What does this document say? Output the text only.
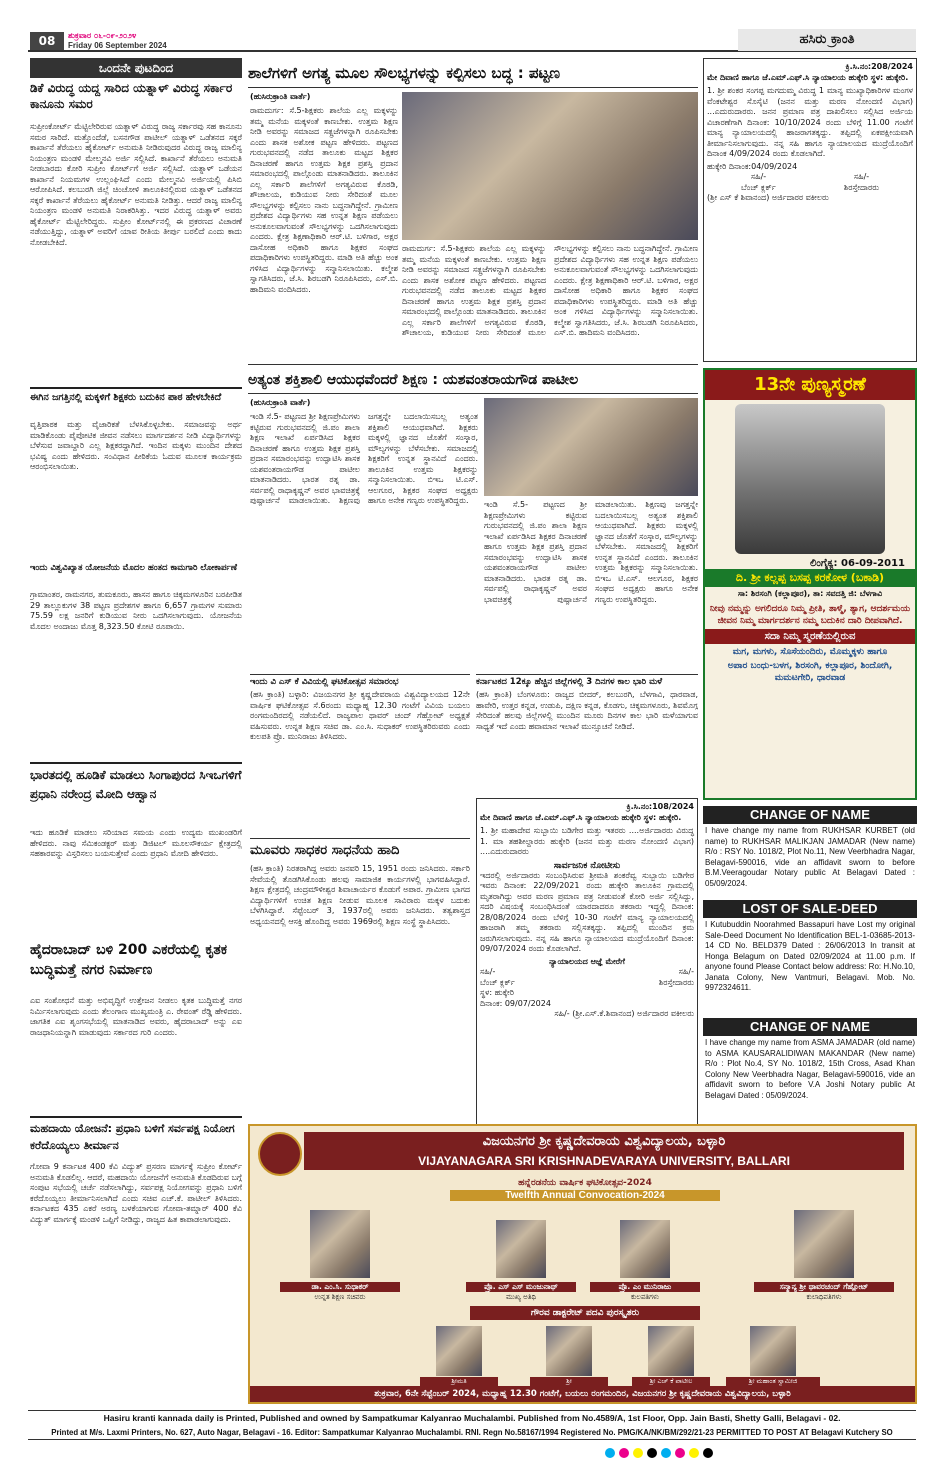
08	ಶುಕ್ರವಾರ ೦೬-೦೯-೨೦೨೪
Friday 06 September 2024	ಹಸಿರು ಕ್ರಾಂತಿ
ಒಂದನೇ ಪುಟದಿಂದ
ಡಿಕೆ ವಿರುದ್ಧ ಯದ್ದ ಸಾರಿದ ಯತ್ನಾಳ್ ವಿರುದ್ಧ ಸರ್ಕಾರ ಕಾನೂನು ಸಮರ
ಸುಪ್ರೀಂಕೋರ್ಟ್ ಮೆಟ್ಟಿಲೇರಿರುವ ಯತ್ನಾಳ್ ವಿರುದ್ಧ ರಾಜ್ಯ ಸರ್ಕಾರವು ಸಹ ಕಾನೂನು ಸಮರ ಸಾರಿದೆ. ಮತ್ತೊಂದೆಡೆ, ಬಸನಗೌಡ ಪಾಟೀಲ್ ಯತ್ನಾಳ್ ಒಡೆತನದ ಸಕ್ಕರೆ ಕಾರ್ಖಾನೆ ತೆರೆಯಲು ಹೈಕೋರ್ಟ್ ಅನುಮತಿ ನೀಡಿರುವುದರ ವಿರುದ್ಧ ರಾಜ್ಯ ಮಾಲಿನ್ಯ ನಿಯಂತ್ರಣ ಮಂಡಳಿ ಮೇಲ್ಮನವಿ ಅರ್ಜಿ ಸಲ್ಲಿಸಿದೆ. ಕಾರ್ಖಾನೆ ತೆರೆಯಲು ಅನುಮತಿ ನೀಡಬಾರದು ಕೋರಿ ಸುಪ್ರೀಂ ಕೋರ್ಟ್‌ಗೆ ಅರ್ಜಿ ಸಲ್ಲಿಸಿದೆ. ಯತ್ನಾಳ್ ಒಡೆಯನ ಕಾರ್ಖಾನೆ ನಿಯಮಗಳ ಉಲ್ಲಂಘಿಸಿದೆ ಎಂದು ಮೇಲ್ಮನವಿ ಅರ್ಜಿಯಲ್ಲಿ ಪಿಸಿಬಿ ಆರೋಪಿಸಿದೆ. ಕಲಬುರಗಿ ಜಿಲ್ಲೆ ಚಿಂಚೋಳಿ ತಾಲೂಕಿನಲ್ಲಿರುವ ಯತ್ನಾಳ್ ಒಡೆತನದ ಸಕ್ಕರೆ ಕಾರ್ಖಾನೆ ತೆರೆಯಲು ಹೈಕೋರ್ಟ್ ಅನುಮತಿ ನೀಡಿತ್ತು. ಆದರೆ ರಾಜ್ಯ ಮಾಲಿನ್ಯ ನಿಯಂತ್ರಣ ಮಂಡಳಿ ಅನುಮತಿ ನಿರಾಕರಿಸಿತ್ತು. ಇದರ ವಿರುದ್ಧ ಯತ್ನಾಳ್ ಅವರು ಹೈಕೋರ್ಟ್ ಮೆಟ್ಟಿಲೇರಿದ್ದರು. ಸುಪ್ರೀಂ ಕೋರ್ಟ್‌ನಲ್ಲಿ ಈ ಪ್ರಕರಣದ ವಿಚಾರಣೆ ನಡೆಯುತ್ತಿದ್ದು, ಯತ್ನಾಳ್ ಅವರಿಗೆ ಯಾವ ರೀತಿಯ ತೀರ್ಪು ಬರಲಿದೆ ಎಂದು ಕಾದು ನೋಡಬೇಕಿದೆ.
ಈಗಿನ ಜಗತ್ತಿನಲ್ಲಿ ಮಕ್ಕಳಿಗೆ ಶಿಕ್ಷಕರು ಬದುಕಿನ ಪಾಠ ಹೇಳಬೇಕಿದೆ
ವೃತ್ತಿಪಾಠಕ ಮತ್ತು ವೈಜಾರಿಕತೆ ಬೆಳಸಿಕೊಳ್ಳಬೇಕು. ಸಮಾಜವನ್ನು ಅರ್ಥ ಮಾಡಿಕೊಂಡು ಪೈಪೋಟಿಕ ಜೀವನ ನಡೆಸಲು ಮಾರ್ಗದರ್ಶನ ನೀಡಿ ವಿದ್ಯಾರ್ಥಿಗಳನ್ನು ಬೆಳೆಸುವ ಜವಾಬ್ದಾರಿ ಎಲ್ಲ ಶಿಕ್ಷಕರದ್ದಾಗಿದೆ. ಇಂದಿನ ಮಕ್ಕಳು ಮುಂದಿನ ದೇಶದ ಭವಿಷ್ಯ ಎಂದು ಹೇಳಿದರು. ಸಂವಿಧಾನ ಪೀಠಿಕೆಯ ಓದುವ ಮೂಲಕ ಕಾರ್ಯಕ್ರಮ ಆರಂಭಿಸಲಾಯಿತು.
ಇಂದು ವಿಶ್ವವಿಖ್ಯಾತ ಯೋಜನೆಯ ಮೊದಲ ಹಂತದ ಕಾಮಗಾರಿ ಲೋಕಾರ್ಪಣೆ
ಗ್ರಾಮಾಂತರ, ರಾಮನಗರ, ತುಮಕೂರು, ಹಾಸನ ಹಾಗೂ ಚಿಕ್ಕಮಗಳೂರಿನ ಬರಪೀಡಿತ 29 ತಾಲ್ಲೂಕುಗಳ 38 ಪಟ್ಟಣ ಪ್ರದೇಶಗಳ ಹಾಗೂ 6,657 ಗ್ರಾಮಗಳ ಸುಮಾರು 75.59 ಲಕ್ಷ ಜನರಿಗೆ ಕುಡಿಯುವ ನೀರು ಒದಗಿಸಲಾಗುವುದು. ಯೋಜನೆಯ ಮೊದಲ ಅಂದಾಜು ಮೊತ್ತ 8,323.50 ಕೋಟಿ ರೂಪಾಯಿ.
ಭಾರತದಲ್ಲಿ ಹೂಡಿಕೆ ಮಾಡಲು ಸಿಂಗಾಪುರದ ಸಿಇಒಗಳಿಗೆ ಪ್ರಧಾನಿ ನರೇಂದ್ರ ಮೋದಿ ಆಹ್ವಾನ
ಇದು ಹೂಡಿಕೆ ಮಾಡಲು ಸರಿಯಾದ ಸಮಯ ಎಂದು ಉದ್ಯಮ ಮುಖಂಡರಿಗೆ ಹೇಳಿದರು. ನಾವು ಸೆಮಿಕಂಡಕ್ಟರ್ ಮತ್ತು ಡಿಜಿಟಲ್ ಮೂಲಸೌಕರ್ಯ ಕ್ಷೇತ್ರದಲ್ಲಿ ಸಹಕಾರವನ್ನು ವಿಸ್ತರಿಸಲು ಬಯಸುತ್ತೇವೆ ಎಂದು ಪ್ರಧಾನಿ ಮೋದಿ ಹೇಳಿದರು.
ಹೈದರಾಬಾದ್ ಬಳಿ 200 ಎಕರೆಯಲ್ಲಿ ಕೃತಕ ಬುದ್ಧಿಮತ್ತೆ ನಗರ ನಿರ್ಮಾಣ
ಎಐ ಸಂಶೋಧನೆ ಮತ್ತು ಅಭಿವೃದ್ಧಿಗೆ ಉತ್ತೇಜನ ನೀಡಲು ಕೃತಕ ಬುದ್ಧಿಮತ್ತೆ ನಗರ ನಿರ್ಮಿಸಲಾಗುವುದು ಎಂದು ತೆಲಂಗಾಣ ಮುಖ್ಯಮಂತ್ರಿ ಎ. ರೇವಂತ್ ರೆಡ್ಡಿ ಹೇಳಿದರು. ಜಾಗತಿಕ ಎಐ ಶೃಂಗಸಭೆಯಲ್ಲಿ ಮಾತನಾಡಿದ ಅವರು, ಹೈದರಾಬಾದ್ ಅನ್ನು ಎಐ ರಾಜಧಾನಿಯನ್ನಾಗಿ ಮಾಡುವುದು ಸರ್ಕಾರದ ಗುರಿ ಎಂದರು.
ಮಹದಾಯಿ ಯೋಜನೆ: ಪ್ರಧಾನಿ ಬಳಿಗೆ ಸರ್ವಪಕ್ಷ ನಿಯೋಗ ಕರೆದೊಯ್ಯಲು ತೀರ್ಮಾನ
ಗೋವಾ 9 ಕರ್ನಾಟಕ 400 ಕೆವಿ ವಿದ್ಯುತ್ ಪ್ರಸರಣ ಮಾರ್ಗಕ್ಕೆ ಸುಪ್ರೀಂ ಕೋರ್ಟ್ ಅನುಮತಿ ಕೊಡಲಿಲ್ಲ. ಆದರೆ, ಮಹದಾಯಿ ಯೋಜನೆಗೆ ಅನುಮತಿ ಕೊಡದಿರುವ ಬಗ್ಗೆ ಸಂಪುಟ ಸಭೆಯಲ್ಲಿ ಚರ್ಚೆ ನಡೆಸಲಾಗಿದ್ದು, ಸರ್ವಪಕ್ಷ ನಿಯೋಗವನ್ನು ಪ್ರಧಾನಿ ಬಳಿಗೆ ಕರೆದೊಯ್ಯಲು ತೀರ್ಮಾನಿಸಲಾಗಿದೆ ಎಂದು ಸಚಿವ ಎಚ್.ಕೆ. ಪಾಟೀಲ್ ತಿಳಿಸಿದರು. ಕರ್ನಾಟಕದ 435 ಎಕರೆ ಅರಣ್ಯ ಬಳಕೆಯಾಗುವ ಗೋವಾ-ತಮ್ನಾರ್ 400 ಕೆವಿ ವಿದ್ಯುತ್ ಮಾರ್ಗಕ್ಕೆ ಮಂಡಳಿ ಒಪ್ಪಿಗೆ ನೀಡಿದ್ದು, ರಾಜ್ಯದ ಹಿತ ಕಾಪಾಡಲಾಗುವುದು.
ಶಾಲೆಗಳಿಗೆ ಅಗತ್ಯ ಮೂಲ ಸೌಲಭ್ಯಗಳನ್ನು ಕಲ್ಪಿಸಲು ಬದ್ಧ : ಪಟ್ಟಣ
(ಹುಸಿರುಕ್ರಾಂತಿ ವಾರ್ತೆ)
ರಾಮದುರ್ಗ: ಸೆ.5-ಶಿಕ್ಷಕರು ಶಾಲೆಯ ಎಲ್ಲ ಮಕ್ಕಳನ್ನು ತಮ್ಮ ಮನೆಯ ಮಕ್ಕಳಂತೆ ಕಾಣಬೇಕು. ಉತ್ತಮ ಶಿಕ್ಷಣ ನೀಡಿ ಅವರನ್ನು ಸಮಾಜದ ಸತ್ಪ್ರಜೆಗಳನ್ನಾಗಿ ರೂಪಿಸಬೇಕು ಎಂದು ಶಾಸಕ ಅಶೋಕ ಪಟ್ಟಣ ಹೇಳಿದರು. ಪಟ್ಟಣದ ಗುರುಭವನದಲ್ಲಿ ನಡೆದ ತಾಲೂಕು ಮಟ್ಟದ ಶಿಕ್ಷಕರ ದಿನಾಚರಣೆ ಹಾಗೂ ಉತ್ತಮ ಶಿಕ್ಷಕ ಪ್ರಶಸ್ತಿ ಪ್ರದಾನ ಸಮಾರಂಭದಲ್ಲಿ ಪಾಲ್ಗೊಂಡು ಮಾತನಾಡಿದರು. ತಾಲೂಕಿನ ಎಲ್ಲ ಸರ್ಕಾರಿ ಶಾಲೆಗಳಿಗೆ ಅಗತ್ಯವಿರುವ ಕೊಠಡಿ, ಶೌಚಾಲಯ, ಕುಡಿಯುವ ನೀರು ಸೇರಿದಂತೆ ಮೂಲ ಸೌಲಭ್ಯಗಳನ್ನು ಕಲ್ಪಿಸಲು ನಾನು ಬದ್ಧನಾಗಿದ್ದೇನೆ. ಗ್ರಾಮೀಣ ಪ್ರದೇಶದ ವಿದ್ಯಾರ್ಥಿಗಳು ಸಹ ಉನ್ನತ ಶಿಕ್ಷಣ ಪಡೆಯಲು ಅನುಕೂಲವಾಗುವಂತೆ ಸೌಲಭ್ಯಗಳನ್ನು ಒದಗಿಸಲಾಗುವುದು ಎಂದರು. ಕ್ಷೇತ್ರ ಶಿಕ್ಷಣಾಧಿಕಾರಿ ಆರ್.ಟಿ. ಬಳಿಗಾರ, ಅಕ್ಷರ ದಾಸೋಹ ಅಧಿಕಾರಿ ಹಾಗೂ ಶಿಕ್ಷಕರ ಸಂಘದ ಪದಾಧಿಕಾರಿಗಳು ಉಪಸ್ಥಿತರಿದ್ದರು. ಮಾಡಿ ಅತಿ ಹೆಚ್ಚು ಅಂಕ ಗಳಿಸಿದ ವಿದ್ಯಾರ್ಥಿಗಳನ್ನು ಸನ್ಮಾನಿಸಲಾಯಿತು. ಕಲ್ಮೇಶ ಸ್ವಾಗತಿಸಿದರು, ಜೆ.ಸಿ. ಶಿರಬಡಗಿ ನಿರೂಪಿಸಿದರು, ಎಸ್.ಬಿ. ಹಾದಿಮನಿ ವಂದಿಸಿದರು.
ರಾಮದುರ್ಗ: ಸೆ.5-ಶಿಕ್ಷಕರು ಶಾಲೆಯ ಎಲ್ಲ ಮಕ್ಕಳನ್ನು ತಮ್ಮ ಮನೆಯ ಮಕ್ಕಳಂತೆ ಕಾಣಬೇಕು. ಉತ್ತಮ ಶಿಕ್ಷಣ ನೀಡಿ ಅವರನ್ನು ಸಮಾಜದ ಸತ್ಪ್ರಜೆಗಳನ್ನಾಗಿ ರೂಪಿಸಬೇಕು ಎಂದು ಶಾಸಕ ಅಶೋಕ ಪಟ್ಟಣ ಹೇಳಿದರು. ಪಟ್ಟಣದ ಗುರುಭವನದಲ್ಲಿ ನಡೆದ ತಾಲೂಕು ಮಟ್ಟದ ಶಿಕ್ಷಕರ ದಿನಾಚರಣೆ ಹಾಗೂ ಉತ್ತಮ ಶಿಕ್ಷಕ ಪ್ರಶಸ್ತಿ ಪ್ರದಾನ ಸಮಾರಂಭದಲ್ಲಿ ಪಾಲ್ಗೊಂಡು ಮಾತನಾಡಿದರು. ತಾಲೂಕಿನ ಎಲ್ಲ ಸರ್ಕಾರಿ ಶಾಲೆಗಳಿಗೆ ಅಗತ್ಯವಿರುವ ಕೊಠಡಿ, ಶೌಚಾಲಯ, ಕುಡಿಯುವ ನೀರು ಸೇರಿದಂತೆ ಮೂಲ ಸೌಲಭ್ಯಗಳನ್ನು ಕಲ್ಪಿಸಲು ನಾನು ಬದ್ಧನಾಗಿದ್ದೇನೆ. ಗ್ರಾಮೀಣ ಪ್ರದೇಶದ ವಿದ್ಯಾರ್ಥಿಗಳು ಸಹ ಉನ್ನತ ಶಿಕ್ಷಣ ಪಡೆಯಲು ಅನುಕೂಲವಾಗುವಂತೆ ಸೌಲಭ್ಯಗಳನ್ನು ಒದಗಿಸಲಾಗುವುದು ಎಂದರು. ಕ್ಷೇತ್ರ ಶಿಕ್ಷಣಾಧಿಕಾರಿ ಆರ್.ಟಿ. ಬಳಿಗಾರ, ಅಕ್ಷರ ದಾಸೋಹ ಅಧಿಕಾರಿ ಹಾಗೂ ಶಿಕ್ಷಕರ ಸಂಘದ ಪದಾಧಿಕಾರಿಗಳು ಉಪಸ್ಥಿತರಿದ್ದರು. ಮಾಡಿ ಅತಿ ಹೆಚ್ಚು ಅಂಕ ಗಳಿಸಿದ ವಿದ್ಯಾರ್ಥಿಗಳನ್ನು ಸನ್ಮಾನಿಸಲಾಯಿತು. ಕಲ್ಮೇಶ ಸ್ವಾಗತಿಸಿದರು, ಜೆ.ಸಿ. ಶಿರಬಡಗಿ ನಿರೂಪಿಸಿದರು, ಎಸ್.ಬಿ. ಹಾದಿಮನಿ ವಂದಿಸಿದರು.
ಅತ್ಯಂತ ಶಕ್ತಿಶಾಲಿ ಆಯುಧವೆಂದರೆ ಶಿಕ್ಷಣ : ಯಶವಂತರಾಯಗೌಡ ಪಾಟೀಲ
(ಹುಸಿರುಕ್ರಾಂತಿ ವಾರ್ತೆ)
ಇಂಡಿ ಸೆ.5- ಪಟ್ಟಣದ ಶ್ರೀ ಶಿಕ್ಷಣಪ್ರೇಮಿಗಳು ಕಟ್ಟಿರುವ ಗುರುಭವನದಲ್ಲಿ ಜಿ.ಪಂ ಶಾಲಾ ಶಿಕ್ಷಣ ಇಲಾಖೆ ಏರ್ಪಡಿಸಿದ ಶಿಕ್ಷಕರ ದಿನಾಚರಣೆ ಹಾಗೂ ಉತ್ತಮ ಶಿಕ್ಷಕ ಪ್ರಶಸ್ತಿ ಪ್ರದಾನ ಸಮಾರಂಭವನ್ನು ಉದ್ಘಾಟಿಸಿ ಶಾಸಕ ಯಶವಂತರಾಯಗೌಡ ಪಾಟೀಲ ಮಾತನಾಡಿದರು. ಭಾರತ ರತ್ನ ಡಾ. ಸರ್ವಪಲ್ಲಿ ರಾಧಾಕೃಷ್ಣನ್ ಅವರ ಭಾವಚಿತ್ರಕ್ಕೆ ಪುಷ್ಪಾರ್ಚನೆ ಮಾಡಲಾಯಿತು. ಶಿಕ್ಷಣವು ಜಗತ್ತನ್ನೇ ಬದಲಾಯಿಸಬಲ್ಲ ಅತ್ಯಂತ ಶಕ್ತಿಶಾಲಿ ಆಯುಧವಾಗಿದೆ. ಶಿಕ್ಷಕರು ಮಕ್ಕಳಲ್ಲಿ ಜ್ಞಾನದ ಜೊತೆಗೆ ಸಂಸ್ಕಾರ, ಮೌಲ್ಯಗಳನ್ನು ಬೆಳೆಸಬೇಕು. ಸಮಾಜದಲ್ಲಿ ಶಿಕ್ಷಕರಿಗೆ ಉನ್ನತ ಸ್ಥಾನವಿದೆ ಎಂದರು. ತಾಲೂಕಿನ ಉತ್ತಮ ಶಿಕ್ಷಕರನ್ನು ಸನ್ಮಾನಿಸಲಾಯಿತು. ಬಿಇಒ ಟಿ.ಎಸ್. ಆಲಗೂರ, ಶಿಕ್ಷಕರ ಸಂಘದ ಅಧ್ಯಕ್ಷರು ಹಾಗೂ ಅನೇಕ ಗಣ್ಯರು ಉಪಸ್ಥಿತರಿದ್ದರು.	ಇಂಡಿ ಸೆ.5- ಪಟ್ಟಣದ ಶ್ರೀ ಶಿಕ್ಷಣಪ್ರೇಮಿಗಳು ಕಟ್ಟಿರುವ ಗುರುಭವನದಲ್ಲಿ ಜಿ.ಪಂ ಶಾಲಾ ಶಿಕ್ಷಣ ಇಲಾಖೆ ಏರ್ಪಡಿಸಿದ ಶಿಕ್ಷಕರ ದಿನಾಚರಣೆ ಹಾಗೂ ಉತ್ತಮ ಶಿಕ್ಷಕ ಪ್ರಶಸ್ತಿ ಪ್ರದಾನ ಸಮಾರಂಭವನ್ನು ಉದ್ಘಾಟಿಸಿ ಶಾಸಕ ಯಶವಂತರಾಯಗೌಡ ಪಾಟೀಲ ಮಾತನಾಡಿದರು. ಭಾರತ ರತ್ನ ಡಾ. ಸರ್ವಪಲ್ಲಿ ರಾಧಾಕೃಷ್ಣನ್ ಅವರ ಭಾವಚಿತ್ರಕ್ಕೆ ಪುಷ್ಪಾರ್ಚನೆ ಮಾಡಲಾಯಿತು. ಶಿಕ್ಷಣವು ಜಗತ್ತನ್ನೇ ಬದಲಾಯಿಸಬಲ್ಲ ಅತ್ಯಂತ ಶಕ್ತಿಶಾಲಿ ಆಯುಧವಾಗಿದೆ. ಶಿಕ್ಷಕರು ಮಕ್ಕಳಲ್ಲಿ ಜ್ಞಾನದ ಜೊತೆಗೆ ಸಂಸ್ಕಾರ, ಮೌಲ್ಯಗಳನ್ನು ಬೆಳೆಸಬೇಕು. ಸಮಾಜದಲ್ಲಿ ಶಿಕ್ಷಕರಿಗೆ ಉನ್ನತ ಸ್ಥಾನವಿದೆ ಎಂದರು. ತಾಲೂಕಿನ ಉತ್ತಮ ಶಿಕ್ಷಕರನ್ನು ಸನ್ಮಾನಿಸಲಾಯಿತು. ಬಿಇಒ ಟಿ.ಎಸ್. ಆಲಗೂರ, ಶಿಕ್ಷಕರ ಸಂಘದ ಅಧ್ಯಕ್ಷರು ಹಾಗೂ ಅನೇಕ ಗಣ್ಯರು ಉಪಸ್ಥಿತರಿದ್ದರು.
ಇಂದು ವಿ ಎಸ್ ಕೆ ವಿವಿಯಲ್ಲಿ ಘಟಿಕೋತ್ಸವ ಸಮಾರಂಭ
(ಹಸಿ ಕ್ರಾಂತಿ) ಬಳ್ಳಾರಿ: ವಿಜಯನಗರ ಶ್ರೀ ಕೃಷ್ಣದೇವರಾಯ ವಿಶ್ವವಿದ್ಯಾಲಯದ 12ನೇ ವಾರ್ಷಿಕ ಘಟಿಕೋತ್ಸವ ಸೆ.6ರಂದು ಮಧ್ಯಾಹ್ನ 12.30 ಗಂಟೆಗೆ ವಿವಿಯ ಬಯಲು ರಂಗಮಂದಿರದಲ್ಲಿ ನಡೆಯಲಿದೆ. ರಾಜ್ಯಪಾಲ ಥಾವರ್ ಚಂದ್ ಗೆಹ್ಲೋಟ್ ಅಧ್ಯಕ್ಷತೆ ವಹಿಸುವರು. ಉನ್ನತ ಶಿಕ್ಷಣ ಸಚಿವ ಡಾ. ಎಂ.ಸಿ. ಸುಧಾಕರ್ ಉಪಸ್ಥಿತರಿರುವರು ಎಂದು ಕುಲಪತಿ ಪ್ರೊ. ಮುನಿರಾಜು ತಿಳಿಸಿದರು.
ಕರ್ನಾಟಕದ 12ಕ್ಕೂ ಹೆಚ್ಚಿನ ಜಿಲ್ಲೆಗಳಲ್ಲಿ 3 ದಿನಗಳ ಕಾಲ ಭಾರಿ ಮಳೆ
(ಹಸಿ ಕ್ರಾಂತಿ) ಬೆಂಗಳೂರು: ರಾಜ್ಯದ ಬೀದರ್, ಕಲಬುರಗಿ, ಬೆಳಗಾವಿ, ಧಾರವಾಡ, ಹಾವೇರಿ, ಉತ್ತರ ಕನ್ನಡ, ಉಡುಪಿ, ದಕ್ಷಿಣ ಕನ್ನಡ, ಕೊಡಗು, ಚಿಕ್ಕಮಗಳೂರು, ಶಿವಮೊಗ್ಗ ಸೇರಿದಂತೆ ಹಲವು ಜಿಲ್ಲೆಗಳಲ್ಲಿ ಮುಂದಿನ ಮೂರು ದಿನಗಳ ಕಾಲ ಭಾರಿ ಮಳೆಯಾಗುವ ಸಾಧ್ಯತೆ ಇದೆ ಎಂದು ಹವಾಮಾನ ಇಲಾಖೆ ಮುನ್ಸೂಚನೆ ನೀಡಿದೆ.
ಮೂವರು ಸಾಧಕರ ಸಾಧನೆಯ ಹಾದಿ
(ಹಸಿ ಕ್ರಾಂತಿ) ನಿರತರಾಗಿದ್ದ ಅವರು ಜನವರಿ 15, 1951 ರಂದು ಜನಿಸಿದರು. ಸರ್ಕಾರಿ ಸೇವೆಯಲ್ಲಿ ತೊಡಗಿಸಿಕೊಂಡು ಹಲವು ಸಾಮಾಜಿಕ ಕಾರ್ಯಗಳಲ್ಲಿ ಭಾಗವಹಿಸಿದ್ದಾರೆ. ಶಿಕ್ಷಣ ಕ್ಷೇತ್ರದಲ್ಲಿ ಚಂದ್ರಮೌಳೀಶ್ವರ ಶಿವಾಚಾರ್ಯರ ಕೊಡುಗೆ ಅಪಾರ. ಗ್ರಾಮೀಣ ಭಾಗದ ವಿದ್ಯಾರ್ಥಿಗಳಿಗೆ ಉಚಿತ ಶಿಕ್ಷಣ ನೀಡುವ ಮೂಲಕ ಸಾವಿರಾರು ಮಕ್ಕಳ ಬದುಕು ಬೆಳಗಿಸಿದ್ದಾರೆ. ಸೆಪ್ಟೆಂಬರ್ 3, 1937ರಲ್ಲಿ ಅವರು ಜನಿಸಿದರು. ತತ್ವಶಾಸ್ತ್ರದ ಅಧ್ಯಯನದಲ್ಲಿ ಆಸಕ್ತಿ ಹೊಂದಿದ್ದ ಅವರು 1969ರಲ್ಲಿ ಶಿಕ್ಷಣ ಸಂಸ್ಥೆ ಸ್ಥಾಪಿಸಿದರು.
ಕ್ರಿ.ಸಿ.ನಂ:108/2024
ಮೇ ದಿವಾಣಿ ಹಾಗೂ ಜೆ.ಎಮ್.ಎಫ್.ಸಿ ನ್ಯಾಯಾಲಯ ಹುಕ್ಕೇರಿ ಸ್ಥಳ: ಹುಕ್ಕೇರಿ.
1. ಶ್ರೀ ಮಹಾದೇವ ಸುಬ್ಬಾಯಿ ಬಡಿಗೇರ ಮತ್ತು ಇತರರು ....ಅರ್ಜಿದಾರರು ವಿರುದ್ಧ 1. ಮಾ ತಹಶೀಲ್ದಾರರು ಹುಕ್ಕೇರಿ (ಜನನ ಮತ್ತು ಮರಣ ನೋಂದಣಿ ವಿಭಾಗ) ....ಎದುರುದಾರರು
ಸಾರ್ವಜನಿಕ ನೋಟೀಸು
ಇದರಲ್ಲಿ ಅರ್ಜಿದಾರರು ಸಂಬಂಧಿಸಿರುವ ಶ್ರೀಮತಿ ಶಂಕರೆವ್ವ ಸುಬ್ಬಾಯಿ ಬಡಿಗೇರ ಇವರು ದಿನಾಂಕ: 22/09/2021 ರಂದು ಹುಕ್ಕೇರಿ ತಾಲೂಕಿನ ಗ್ರಾಮದಲ್ಲಿ ಮೃತರಾಗಿದ್ದು ಅವರ ಮರಣ ಪ್ರಮಾಣ ಪತ್ರ ನೀಡುವಂತೆ ಕೋರಿ ಅರ್ಜಿ ಸಲ್ಲಿಸಿದ್ದು, ಸದರಿ ವಿಷಯಕ್ಕೆ ಸಂಬಂಧಿಸಿದಂತೆ ಯಾರದಾದರೂ ತಕರಾರು ಇದ್ದಲ್ಲಿ ದಿನಾಂಕ: 28/08/2024 ರಂದು ಬೆಳಿಗ್ಗೆ 10-30 ಗಂಟೆಗೆ ಮಾನ್ಯ ನ್ಯಾಯಾಲಯದಲ್ಲಿ ಹಾಜರಾಗಿ ತಮ್ಮ ತಕರಾರು ಸಲ್ಲಿಸತಕ್ಕದ್ದು. ತಪ್ಪಿದಲ್ಲಿ ಮುಂದಿನ ಕ್ರಮ ಜರುಗಿಸಲಾಗುವುದು. ನನ್ನ ಸಹಿ ಹಾಗೂ ನ್ಯಾಯಾಲಯದ ಮುದ್ರೆಯೊಂದಿಗೆ ದಿನಾಂಕ: 09/07/2024 ರಂದು ಕೊಡಲಾಗಿದೆ.
ನ್ಯಾಯಾಲಯದ ಆಜ್ಞೆ ಮೇರೆಗೆ
ಸಹಿ/-	ಸಹಿ/-
ಬೆಂಚ್ ಕ್ಲರ್ಕ್	ಶಿರಸ್ತೇದಾರರು
ಸ್ಥಳ: ಹುಕ್ಕೇರಿ
ದಿನಾಂಕ: 09/07/2024
ಸಹಿ/- (ಶ್ರೀ.ಎಸ್.ಕೆ.ಶಿವಾನಂದ) ಅರ್ಜಿದಾರರ ವಕೀಲರು
ಕ್ರಿ.ಸಿ.ನಂ:208/2024
ಮೇ ದಿವಾಣಿ ಹಾಗೂ ಜೆ.ಎಮ್.ಎಫ್.ಸಿ ನ್ಯಾಯಾಲಯ ಹುಕ್ಕೇರಿ ಸ್ಥಳ: ಹುಕ್ಕೇರಿ.
1. ಶ್ರೀ ಶಂಕರ ಸಂಗಪ್ಪ ಮಗದುಮ್ಮ ವಿರುದ್ಧ 1 ಮಾನ್ಯ ಮುಖ್ಯಾಧಿಕಾರಿಗಳ ಮಂಗಳ ವೆಂಕಟೇಶ್ವರ ಸೊಸೈಟಿ (ಜನನ ಮತ್ತು ಮರಣ ನೋಂದಣಿ ವಿಭಾಗ) ...ಎದುರುದಾರರು. ಜನನ ಪ್ರಮಾಣ ಪತ್ರ ದಾಖಲಿಸಲು ಸಲ್ಲಿಸಿದ ಅರ್ಜಿಯ ವಿಚಾರಣೆಗಾಗಿ ದಿನಾಂಕ: 10/10/2024 ರಂದು ಬೆಳಿಗ್ಗೆ 11.00 ಗಂಟೆಗೆ ಮಾನ್ಯ ನ್ಯಾಯಾಲಯದಲ್ಲಿ ಹಾಜರಾಗತಕ್ಕದ್ದು. ತಪ್ಪಿದಲ್ಲಿ ಏಕಪಕ್ಷೀಯವಾಗಿ ತೀರ್ಮಾನಿಸಲಾಗುವುದು. ನನ್ನ ಸಹಿ ಹಾಗೂ ನ್ಯಾಯಾಲಯದ ಮುದ್ರೆಯೊಂದಿಗೆ ದಿನಾಂಕ 4/09/2024 ರಂದು ಕೊಡಲಾಗಿದೆ.
ಹುಕ್ಕೇರಿ ದಿನಾಂಕ:04/09/2024
ಸಹಿ/-	ಸಹಿ/-
ಬೆಂಚ್ ಕ್ಲರ್ಕ್	ಶಿರಸ್ತೇದಾರರು
(ಶ್ರೀ ಎಸ್ ಕೆ ಶಿವಾನಂದ) ಅರ್ಜಿದಾರರ ವಕೀಲರು
13ನೇ ಪುಣ್ಯಸ್ಮರಣೆ
ಲಿಂಗೈಕ್ಯ: 06-09-2011
ದಿ. ಶ್ರೀ ಕಲ್ಲಪ್ಪ ಬಸಪ್ಪ ಕರಕೋಳ (ಬಕಾಡಿ)
ಸಾ: ಶಿರಸಂಗಿ (ಕಲ್ಲಾಪೂರ), ತಾ: ಸವದತ್ತಿ ಜಿ: ಬೆಳಗಾವಿ
ನೀವು ನಮ್ಮನ್ನು ಅಗಲಿದರೂ ನಿಮ್ಮ ಪ್ರೀತಿ, ತಾಳ್ಮೆ, ತ್ಯಾಗ, ಆದರ್ಶಮಯ ಜೀವನ ನಿಮ್ಮ ಮಾರ್ಗದರ್ಶನ ನಮ್ಮ ಬದುಕಿನ ದಾರಿ ದೀಪವಾಗಿದೆ.
ಸದಾ ನಿಮ್ಮ ಸ್ಮರಣೆಯಲ್ಲಿರುವ
ಮಗ, ಮಗಳು, ಸೊಸೆಯಂದಿರು, ಮೊಮ್ಮಕ್ಕಳು ಹಾಗೂ
ಅಪಾರ ಬಂಧು-ಬಳಗ, ಶಿರಸಂಗಿ, ಕಲ್ಲಾಪೂರ, ಶಿಂದೋಗಿ, ಮಮಟಗೇರಿ, ಧಾರವಾಡ
CHANGE OF NAME
I have change my name from RUKHSAR KURBET (old name) to RUKHSAR MALIKJAN JAMADAR (New name) R/o : RSY No. 1018/2, Plot No.11, New Veerbhadra Nagar, Belagavi-590016, vide an affidavit sworn to before B.M.Veeragoudar Notary public At Belagavi Dated : 05/09/2024.
LOST OF SALE-DEED
I Kutubuddin Noorahmed Bassapuri have Lost my original Sale-Deed Document No Identification BEL-1-03685-2013-14 CD No. BELD379 Dated : 26/06/2013 In transit at Honga Belagum on Dated 02/09/2024 at 11.00 p.m. If anyone found Please Contact below address: Ro: H.No.10, Janata Colony, New Vantmuri, Belagavi. Mob. No. 9972324611.
CHANGE OF NAME
I have change my name from ASMA JAMADAR (old name) to ASMA KAUSARALIDIWAN MAKANDAR (New name) R/o : Plot No.4, SY No. 1018/2, 15th Cross, Asad Khan Colony New Veerbhadra Nagar, Belagavi-590016, vide an affidavit sworn to before V.A Joshi Notary public At Belagavi Dated : 05/09/2024.
ವಿಜಯನಗರ ಶ್ರೀ ಕೃಷ್ಣದೇವರಾಯ ವಿಶ್ವವಿದ್ಯಾಲಯ, ಬಳ್ಳಾರಿ
VIJAYANAGARA SRI KRISHNADEVARAYA UNIVERSITY, BALLARI
ಹನ್ನೆರಡನೆಯ ವಾರ್ಷಿಕ ಘಟಿಕೋತ್ಸವ-2024
Twelfth Annual Convocation-2024
ಡಾ. ಎಂ.ಸಿ. ಸುಧಾಕರ್
ಉನ್ನತ ಶಿಕ್ಷಣ ಸಚಿವರು
ಪ್ರೊ. ಎಸ್ ಎಸ್ ಮಂಜುನಾಥ್
ಮುಖ್ಯ ಅತಿಥಿ
ಪ್ರೊ. ಎಂ ಮುನಿರಾಜು
ಕುಲಪತಿಗಳು
ಸನ್ಮಾನ್ಯ ಶ್ರೀ ಥಾವರಚಂದ್ ಗೆಹ್ಲೋಟ್
ಕುಲಾಧಿಪತಿಗಳು
ಗೌರವ ಡಾಕ್ಟರೇಟ್ ಪದವಿ ಪುರಸ್ಕೃತರು
ಶ್ರೀಮತಿ	ಶ್ರೀ	ಶ್ರೀ ಎಚ್ ಕೆ ಪಾಟೀಲ	ಶ್ರೀ ಮಹಾಂತ ಸ್ವಾಮೀಜಿ
ಶುಕ್ರವಾರ, 6ನೇ ಸೆಪ್ಟೆಂಬರ್ 2024, ಮಧ್ಯಾಹ್ನ 12.30 ಗಂಟೆಗೆ, ಬಯಲು ರಂಗಮಂದಿರ, ವಿಜಯನಗರ ಶ್ರೀ ಕೃಷ್ಣದೇವರಾಯ ವಿಶ್ವವಿದ್ಯಾಲಯ, ಬಳ್ಳಾರಿ
Hasiru kranti kannada daily is Printed, Published and owned by Sampatkumar Kalyanrao Muchalambi. Published from No.4589/A, 1st Floor, Opp. Jain Basti, Shetty Galli, Belagavi - 02.
Printed at M/s. Laxmi Printers, No. 627, Auto Nagar, Belagavi - 16. Editor: Sampatkumar Kalyanrao Muchalambi. RNI. Regn No.58167/1994 Registered No. PMG/KA/NK/BM/292/21-23 PERMITTED TO POST AT Belagavi Kutchery SO
